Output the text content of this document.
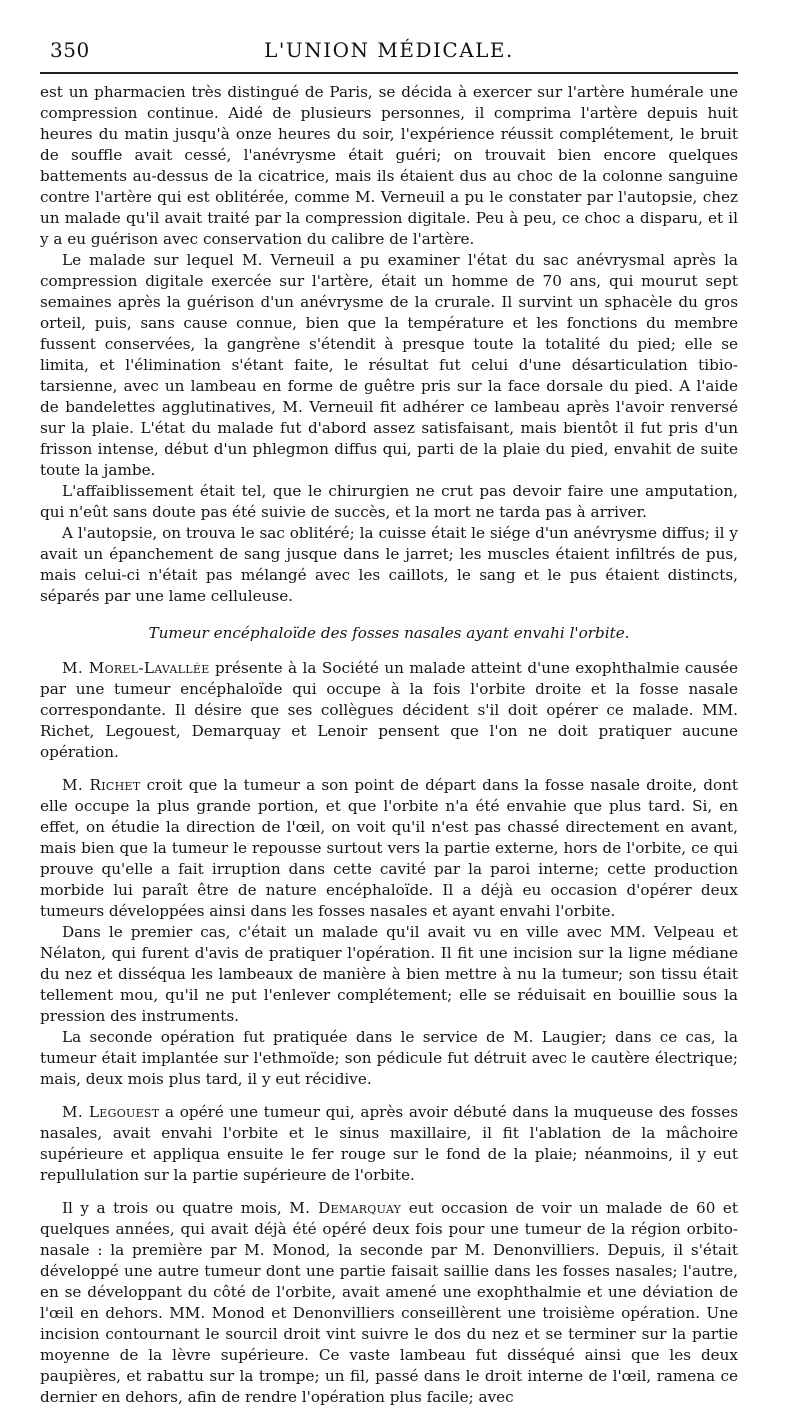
350	L'UNION MÉDICALE.

est un pharmacien très distingué de Paris, se décida à exercer sur l'artère humérale une compression continue. Aidé de plusieurs personnes, il comprima l'artère depuis huit heures du matin jusqu'à onze heures du soir, l'expérience réussit complétement, le bruit de souffle avait cessé, l'anévrysme était guéri; on trouvait bien encore quelques battements au-dessus de la cicatrice, mais ils étaient dus au choc de la colonne sanguine contre l'artère qui est oblitérée, comme M. Verneuil a pu le constater par l'autopsie, chez un malade qu'il avait traité par la compression digitale. Peu à peu, ce choc a disparu, et il y a eu guérison avec conservation du calibre de l'artère.

Le malade sur lequel M. Verneuil a pu examiner l'état du sac anévrysmal après la compression digitale exercée sur l'artère, était un homme de 70 ans, qui mourut sept semaines après la guérison d'un anévrysme de la crurale. Il survint un sphacèle du gros orteil, puis, sans cause connue, bien que la température et les fonctions du membre fussent conservées, la gangrène s'étendit à presque toute la totalité du pied; elle se limita, et l'élimination s'étant faite, le résultat fut celui d'une désarticulation tibio-tarsienne, avec un lambeau en forme de guêtre pris sur la face dorsale du pied. A l'aide de bandelettes agglutinatives, M. Verneuil fit adhérer ce lambeau après l'avoir renversé sur la plaie. L'état du malade fut d'abord assez satisfaisant, mais bientôt il fut pris d'un frisson intense, début d'un phlegmon diffus qui, parti de la plaie du pied, envahit de suite toute la jambe.

L'affaiblissement était tel, que le chirurgien ne crut pas devoir faire une amputation, qui n'eût sans doute pas été suivie de succès, et la mort ne tarda pas à arriver.

A l'autopsie, on trouva le sac oblitéré; la cuisse était le siége d'un anévrysme diffus; il y avait un épanchement de sang jusque dans le jarret; les muscles étaient infiltrés de pus, mais celui-ci n'était pas mélangé avec les caillots, le sang et le pus étaient distincts, séparés par une lame celluleuse.

Tumeur encéphaloïde des fosses nasales ayant envahi l'orbite.

M. Morel-Lavallée présente à la Société un malade atteint d'une exophthalmie causée par une tumeur encéphaloïde qui occupe à la fois l'orbite droite et la fosse nasale correspondante. Il désire que ses collègues décident s'il doit opérer ce malade. MM. Richet, Legouest, Demarquay et Lenoir pensent que l'on ne doit pratiquer aucune opération.

M. Richet croit que la tumeur a son point de départ dans la fosse nasale droite, dont elle occupe la plus grande portion, et que l'orbite n'a été envahie que plus tard. Si, en effet, on étudie la direction de l'œil, on voit qu'il n'est pas chassé directement en avant, mais bien que la tumeur le repousse surtout vers la partie externe, hors de l'orbite, ce qui prouve qu'elle a fait irruption dans cette cavité par la paroi interne; cette production morbide lui paraît être de nature encéphaloïde. Il a déjà eu occasion d'opérer deux tumeurs développées ainsi dans les fosses nasales et ayant envahi l'orbite.

Dans le premier cas, c'était un malade qu'il avait vu en ville avec MM. Velpeau et Nélaton, qui furent d'avis de pratiquer l'opération. Il fit une incision sur la ligne médiane du nez et disséqua les lambeaux de manière à bien mettre à nu la tumeur; son tissu était tellement mou, qu'il ne put l'enlever complétement; elle se réduisait en bouillie sous la pression des instruments.

La seconde opération fut pratiquée dans le service de M. Laugier; dans ce cas, la tumeur était implantée sur l'ethmoïde; son pédicule fut détruit avec le cautère électrique; mais, deux mois plus tard, il y eut récidive.

M. Legouest a opéré une tumeur qui, après avoir débuté dans la muqueuse des fosses nasales, avait envahi l'orbite et le sinus maxillaire, il fit l'ablation de la mâchoire supérieure et appliqua ensuite le fer rouge sur le fond de la plaie; néanmoins, il y eut repullulation sur la partie supérieure de l'orbite.

Il y a trois ou quatre mois, M. Demarquay eut occasion de voir un malade de 60 et quelques années, qui avait déjà été opéré deux fois pour une tumeur de la région orbito-nasale : la première par M. Monod, la seconde par M. Denonvilliers. Depuis, il s'était développé une autre tumeur dont une partie faisait saillie dans les fosses nasales; l'autre, en se développant du côté de l'orbite, avait amené une exophthalmie et une déviation de l'œil en dehors. MM. Monod et Denonvilliers conseillèrent une troisième opération. Une incision contournant le sourcil droit vint suivre le dos du nez et se terminer sur la partie moyenne de la lèvre supérieure. Ce vaste lambeau fut disséqué ainsi que les deux paupières, et rabattu sur la trompe; un fil, passé dans le droit interne de l'œil, ramena ce dernier en dehors, afin de rendre l'opération plus facile; avec
